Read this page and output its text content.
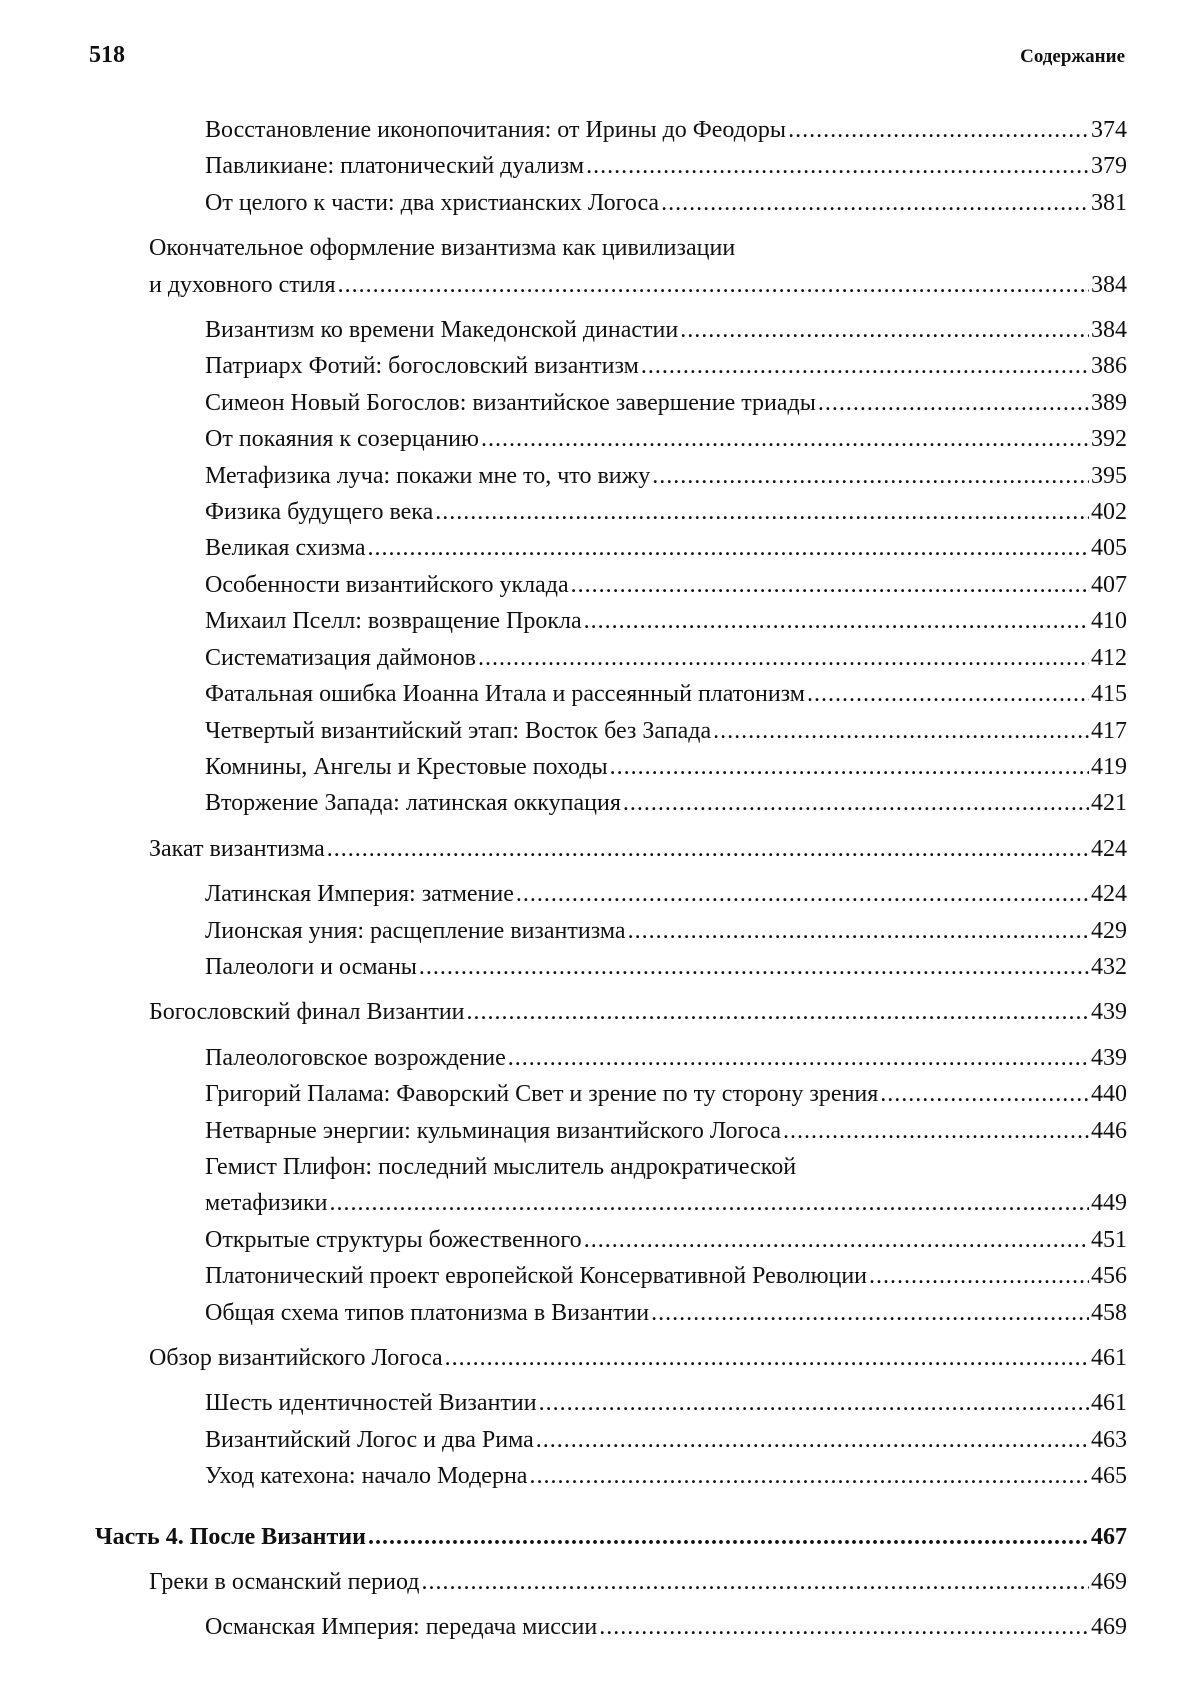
518	Содержание
Восстановление иконопочитания: от Ирины до Феодоры .....	374
Павликиане: платонический дуализм .....	379
От целого к части: два христианских Логоса .....	381
Окончательное оформление византизма как цивилизации
и духовного стиля .....	384
Византизм ко времени Македонской династии .....	384
Патриарх Фотий: богословский византизм .....	386
Симеон Новый Богослов: византийское завершение триады .....	389
От покаяния к созерцанию .....	392
Метафизика луча: покажи мне то, что вижу .....	395
Физика будущего века .....	402
Великая схизма .....	405
Особенности византийского уклада .....	407
Михаил Пселл: возвращение Прокла .....	410
Систематизация даймонов .....	412
Фатальная ошибка Иоанна Итала и рассеянный платонизм .....	415
Четвертый византийский этап: Восток без Запада .....	417
Комнины, Ангелы и Крестовые походы .....	419
Вторжение Запада: латинская оккупация .....	421
Закат византизма .....	424
Латинская Империя: затмение .....	424
Лионская уния: расщепление византизма .....	429
Палеологи и османы .....	432
Богословский финал Византии .....	439
Палеологовское возрождение .....	439
Григорий Палама: Фаворский Свет и зрение по ту сторону зрения .....	440
Нетварные энергии: кульминация византийского Логоса .....	446
Гемист Плифон: последний мыслитель андрократической
метафизики .....	449
Открытые структуры божественного .....	451
Платонический проект европейской Консервативной Революции .....	456
Общая схема типов платонизма в Византии .....	458
Обзор византийского Логоса .....	461
Шесть идентичностей Византии .....	461
Византийский Логос и два Рима .....	463
Уход катехона: начало Модерна .....	465
Часть 4. После Византии .....	467
Греки в османский период .....	469
Османская Империя: передача миссии .....	469
